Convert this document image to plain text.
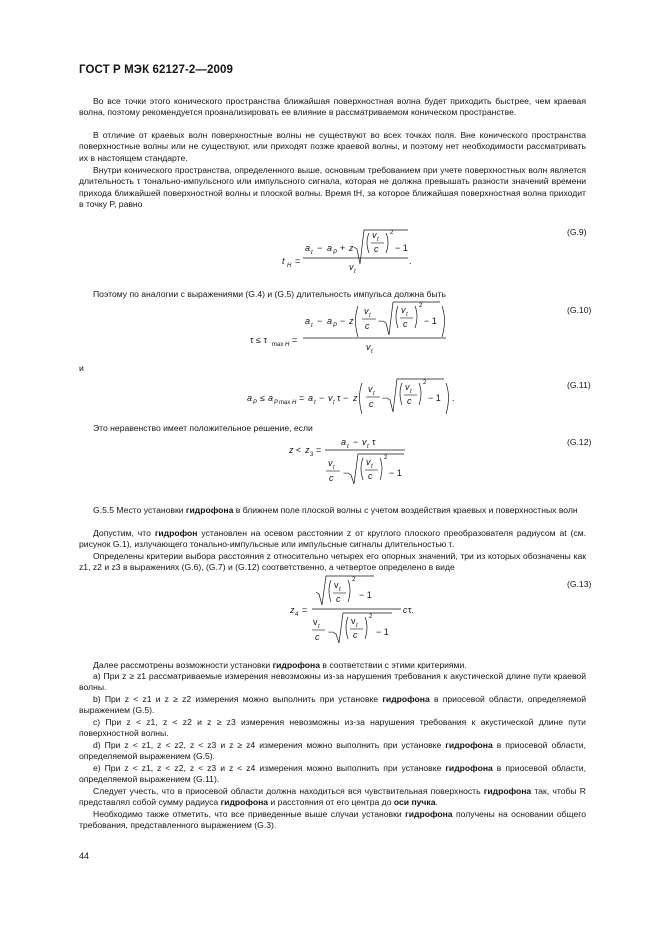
ГОСТ Р МЭК 62127-2—2009
Во все точки этого конического пространства ближайшая поверхностная волна будет приходить быстрее, чем краевая волна, поэтому рекомендуется проанализировать ее влияние в рассматриваемом коническом пространстве.
В отличие от краевых волн поверхностные волны не существуют во всех точках поля. Вне конического пространства поверхностные волны или не существуют, или приходят позже краевой волны, и поэтому нет необходимости рассматривать их в настоящем стандарте.
Внутри конического пространства, определенного выше, основным требованием при учете поверхностных волн является длительность τ тонально-импульсного или импульсного сигнала, которая не должна превышать разности значений времени прихода ближайшей поверхностной волны и плоской волны. Время tH, за которое ближайшая поверхностная волна приходит в точку P, равно
t H =
a t − a P + z
v t
c
2
− 1
v t
.
(G.9)
Поэтому по аналогии с выражениями (G.4) и (G.5) длительность импульса должна быть
τ ≤ τ max H =
a t − a P − z
v t
c −
v t
c
2
− 1
v t
(G.10)
и
a P ≤ a P max H = a t − v t τ − z
v t
c
−
v t
c
2
− 1 .
(G.11)
Это неравенство имеет положительное решение, если
z < z 3 =
a t − v t τ
v t
c −
v t
c
2
− 1
(G.12)
G.5.5 Место установки гидрофона в ближнем поле плоской волны с учетом воздействия краевых и поверхностных волн
Допустим, что гидрофон установлен на осевом расстоянии z от круглого плоского преобразователя радиусом at (см. рисунок G.1), излучающего тонально-импульсные или импульсные сигналы длительностью τ.
Определены критерии выбора расстояния z относительно четырех его опорных значений, три из которых обозначены как z1, z2 и z3 в выражениях (G.6), (G.7) и (G.12) соответственно, а четвертое определено в виде
z 4 =
v t
c
2
− 1
v t
c −
v t
c
2
− 1
c τ.
(G.13)
Далее рассмотрены возможности установки гидрофона в соответствии с этими критериями.
a) При z ≥ z1 рассматриваемые измерения невозможны из-за нарушения требования к акустической длине пути краевой волны.
b) При z < z1 и z ≥ z2 измерения можно выполнить при установке гидрофона в приосевой области, определяемой выражением (G.5).
c) При z < z1, z < z2 и z ≥ z3 измерения невозможны из-за нарушения требования к акустической длине пути поверхностной волны.
d) При z < z1, z < z2, z < z3 и z ≥ z4 измерения можно выполнить при установке гидрофона в приосевой области, определяемой выражением (G.5).
e) При z < z1, z < z2, z < z3 и z < z4 измерения можно выполнить при установке гидрофона в приосевой области, определяемой выражением (G.11).
Следует учесть, что в приосевой области должна находиться вся чувствительная поверхность гидрофона так, чтобы R представлял собой сумму радиуса гидрофона и расстояния от его центра до оси пучка.
Необходимо также отметить, что все приведенные выше случаи установки гидрофона получены на основании общего требования, представленного выражением (G.3).
44
